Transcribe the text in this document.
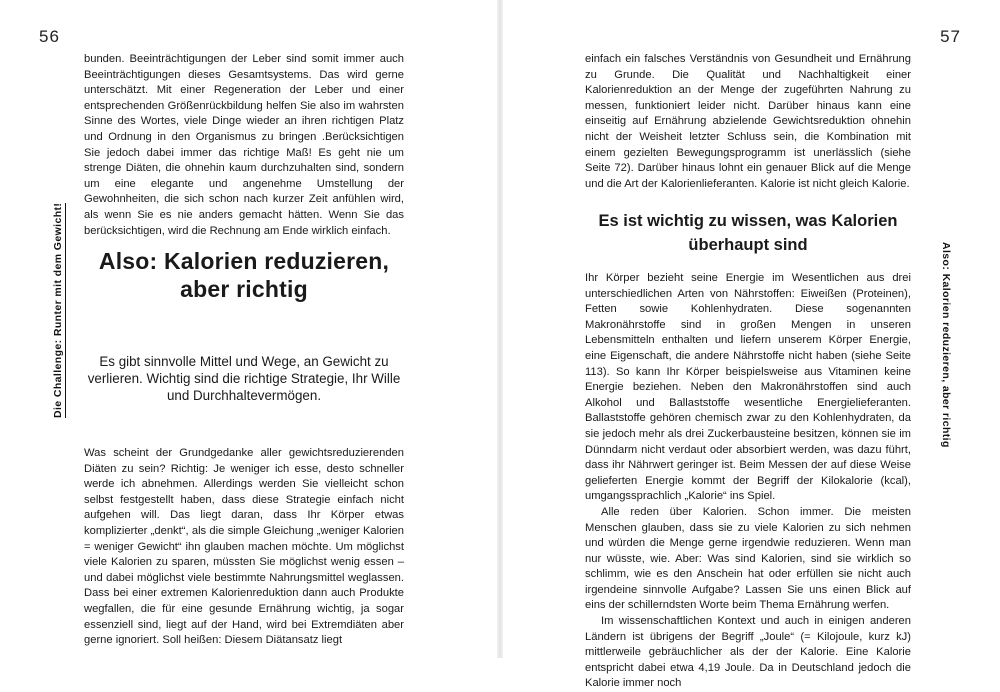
56
Die Challenge: Runter mit dem Gewicht!

bunden. Beeinträchtigungen der Leber sind somit immer auch Beeinträchtigungen dieses Gesamtsystems. Das wird gerne unterschätzt. Mit einer Regeneration der Leber und einer entsprechenden Größenrückbildung helfen Sie also im wahrsten Sinne des Wortes, viele Dinge wieder an ihren richtigen Platz und Ordnung in den Organismus zu bringen .Berücksichtigen Sie jedoch dabei immer das richtige Maß! Es geht nie um strenge Diäten, die ohnehin kaum durchzuhalten sind, sondern um eine elegante und angenehme Umstellung der Gewohnheiten, die sich schon nach kurzer Zeit anfühlen wird, als wenn Sie es nie anders gemacht hätten. Wenn Sie das berücksichtigen, wird die Rechnung am Ende wirklich einfach.

Also: Kalorien reduzieren, aber richtig

Es gibt sinnvolle Mittel und Wege, an Gewicht zu verlieren. Wichtig sind die richtige Strategie, Ihr Wille und Durchhaltevermögen.

Was scheint der Grundgedanke aller gewichtsreduzierenden Diäten zu sein? Richtig: Je weniger ich esse, desto schneller werde ich abnehmen. Allerdings werden Sie vielleicht schon selbst festgestellt haben, dass diese Strategie einfach nicht aufgehen will. Das liegt daran, dass Ihr Körper etwas komplizierter „denkt“, als die simple Gleichung „weniger Kalorien = weniger Gewicht“ ihn glauben machen möchte. Um möglichst viele Kalorien zu sparen, müssten Sie möglichst wenig essen – und dabei möglichst viele bestimmte Nahrungsmittel weglassen. Dass bei einer extremen Kalorienreduktion dann auch Produkte wegfallen, die für eine gesunde Ernährung wichtig, ja sogar essenziell sind, liegt auf der Hand, wird bei Extremdiäten aber gerne ignoriert. Soll heißen: Diesem Diätansatz liegt

57
Also: Kalorien reduzieren, aber richtig

einfach ein falsches Verständnis von Gesundheit und Ernährung zu Grunde. Die Qualität und Nachhaltigkeit einer Kalorienreduktion an der Menge der zugeführten Nahrung zu messen, funktioniert leider nicht. Darüber hinaus kann eine einseitig auf Ernährung abzielende Gewichtsreduktion ohnehin nicht der Weisheit letzter Schluss sein, die Kombination mit einem gezielten Bewegungsprogramm ist unerlässlich (siehe Seite 72). Darüber hinaus lohnt ein genauer Blick auf die Menge und die Art der Kalorienlieferanten. Kalorie ist nicht gleich Kalorie.

Es ist wichtig zu wissen, was Kalorien überhaupt sind

Ihr Körper bezieht seine Energie im Wesentlichen aus drei unterschiedlichen Arten von Nährstoffen: Eiweißen (Proteinen), Fetten sowie Kohlenhydraten. Diese sogenannten Makronährstoffe sind in großen Mengen in unseren Lebensmitteln enthalten und liefern unserem Körper Energie, eine Eigenschaft, die andere Nährstoffe nicht haben (siehe Seite 113). So kann Ihr Körper beispielsweise aus Vitaminen keine Energie beziehen. Neben den Makronährstoffen sind auch Alkohol und Ballaststoffe wesentliche Energielieferanten. Ballaststoffe gehören chemisch zwar zu den Kohlenhydraten, da sie jedoch mehr als drei Zuckerbausteine besitzen, können sie im Dünndarm nicht verdaut oder absorbiert werden, was dazu führt, dass ihr Nährwert geringer ist. Beim Messen der auf diese Weise gelieferten Energie kommt der Begriff der Kilokalorie (kcal), umgangssprachlich „Kalorie“ ins Spiel.

Alle reden über Kalorien. Schon immer. Die meisten Menschen glauben, dass sie zu viele Kalorien zu sich nehmen und würden die Menge gerne irgendwie reduzieren. Wenn man nur wüsste, wie. Aber: Was sind Kalorien, sind sie wirklich so schlimm, wie es den Anschein hat oder erfüllen sie nicht auch irgendeine sinnvolle Aufgabe? Lassen Sie uns einen Blick auf eins der schillerndsten Worte beim Thema Ernährung werfen.

Im wissenschaftlichen Kontext und auch in einigen anderen Ländern ist übrigens der Begriff „Joule“ (= Kilojoule, kurz kJ) mittlerweile gebräuchlicher als der der Kalorie. Eine Kalorie entspricht dabei etwa 4,19 Joule. Da in Deutschland jedoch die Kalorie immer noch
